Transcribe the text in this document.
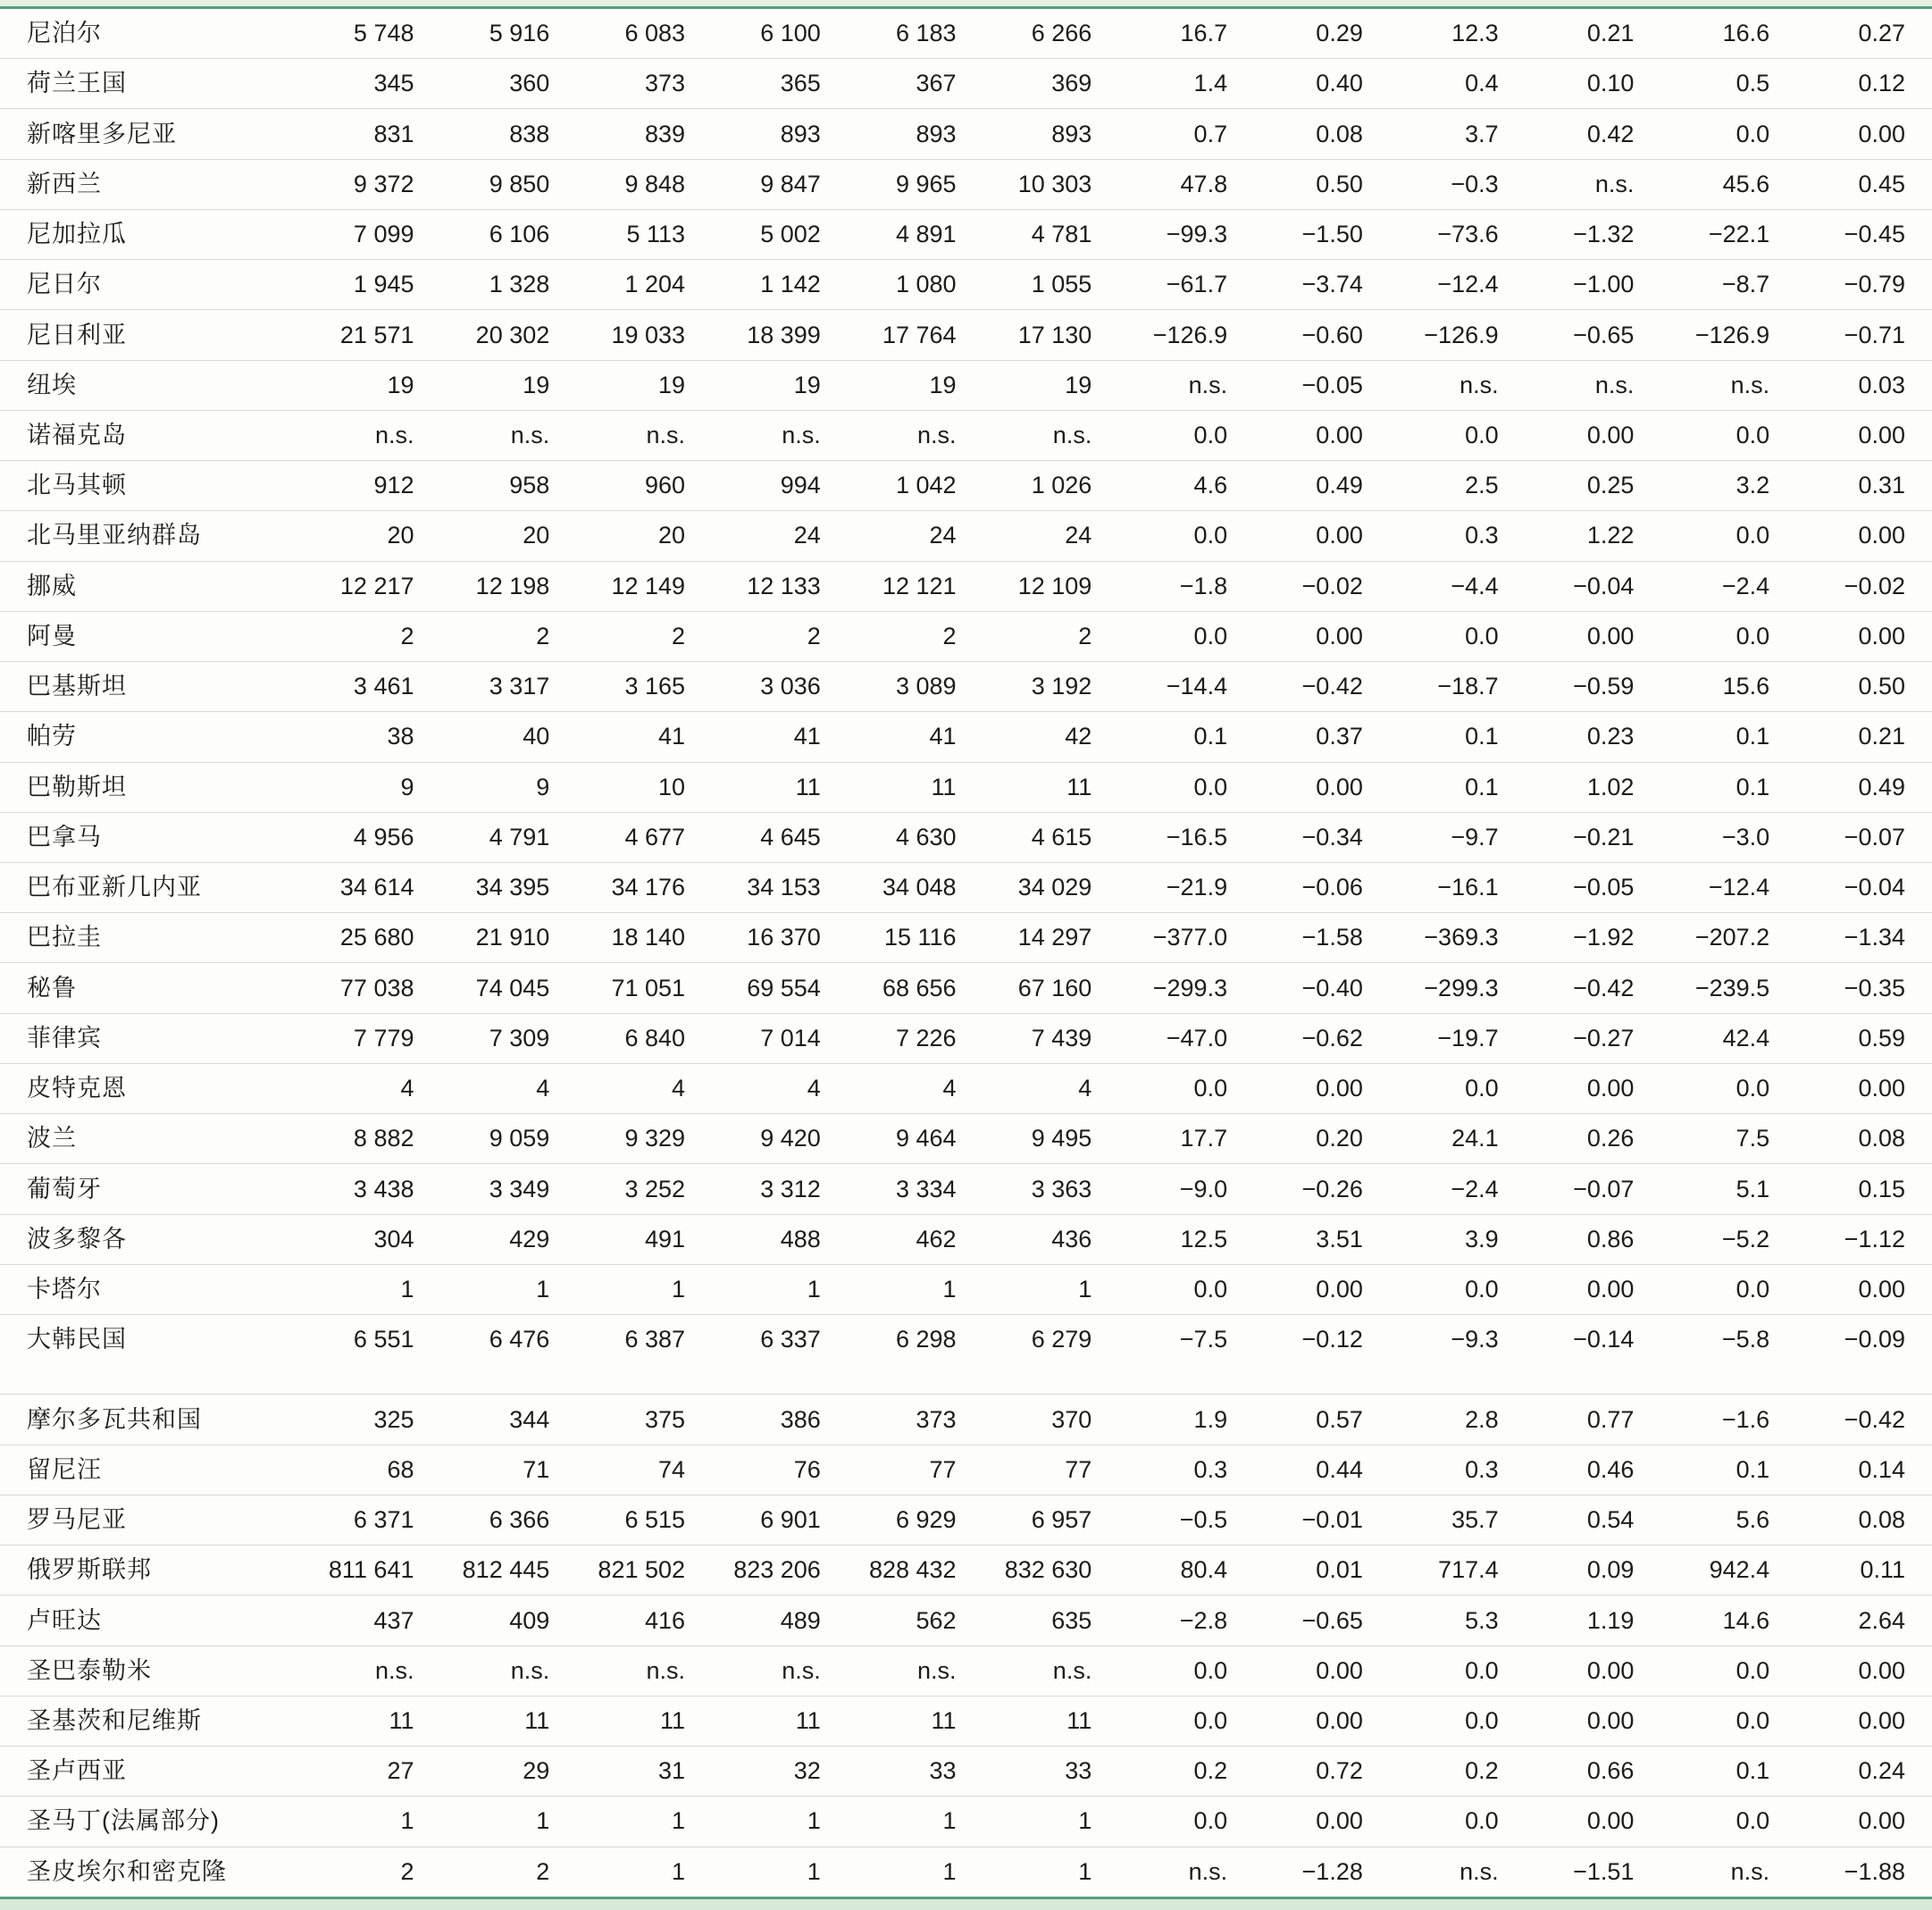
尼泊尔	5 748	5 916	6 083	6 100	6 183	6 266	16.7	0.29	12.3	0.21	16.6	0.27
荷兰王国	345	360	373	365	367	369	1.4	0.40	0.4	0.10	0.5	0.12
新喀里多尼亚	831	838	839	893	893	893	0.7	0.08	3.7	0.42	0.0	0.00
新西兰	9 372	9 850	9 848	9 847	9 965	10 303	47.8	0.50	−0.3	n.s.	45.6	0.45
尼加拉瓜	7 099	6 106	5 113	5 002	4 891	4 781	−99.3	−1.50	−73.6	−1.32	−22.1	−0.45
尼日尔	1 945	1 328	1 204	1 142	1 080	1 055	−61.7	−3.74	−12.4	−1.00	−8.7	−0.79
尼日利亚	21 571	20 302	19 033	18 399	17 764	17 130	−126.9	−0.60	−126.9	−0.65	−126.9	−0.71
纽埃	19	19	19	19	19	19	n.s.	−0.05	n.s.	n.s.	n.s.	0.03
诺福克岛	n.s.	n.s.	n.s.	n.s.	n.s.	n.s.	0.0	0.00	0.0	0.00	0.0	0.00
北马其顿	912	958	960	994	1 042	1 026	4.6	0.49	2.5	0.25	3.2	0.31
北马里亚纳群岛	20	20	20	24	24	24	0.0	0.00	0.3	1.22	0.0	0.00
挪威	12 217	12 198	12 149	12 133	12 121	12 109	−1.8	−0.02	−4.4	−0.04	−2.4	−0.02
阿曼	2	2	2	2	2	2	0.0	0.00	0.0	0.00	0.0	0.00
巴基斯坦	3 461	3 317	3 165	3 036	3 089	3 192	−14.4	−0.42	−18.7	−0.59	15.6	0.50
帕劳	38	40	41	41	41	42	0.1	0.37	0.1	0.23	0.1	0.21
巴勒斯坦	9	9	10	11	11	11	0.0	0.00	0.1	1.02	0.1	0.49
巴拿马	4 956	4 791	4 677	4 645	4 630	4 615	−16.5	−0.34	−9.7	−0.21	−3.0	−0.07
巴布亚新几内亚	34 614	34 395	34 176	34 153	34 048	34 029	−21.9	−0.06	−16.1	−0.05	−12.4	−0.04
巴拉圭	25 680	21 910	18 140	16 370	15 116	14 297	−377.0	−1.58	−369.3	−1.92	−207.2	−1.34
秘鲁	77 038	74 045	71 051	69 554	68 656	67 160	−299.3	−0.40	−299.3	−0.42	−239.5	−0.35
菲律宾	7 779	7 309	6 840	7 014	7 226	7 439	−47.0	−0.62	−19.7	−0.27	42.4	0.59
皮特克恩	4	4	4	4	4	4	0.0	0.00	0.0	0.00	0.0	0.00
波兰	8 882	9 059	9 329	9 420	9 464	9 495	17.7	0.20	24.1	0.26	7.5	0.08
葡萄牙	3 438	3 349	3 252	3 312	3 334	3 363	−9.0	−0.26	−2.4	−0.07	5.1	0.15
波多黎各	304	429	491	488	462	436	12.5	3.51	3.9	0.86	−5.2	−1.12
卡塔尔	1	1	1	1	1	1	0.0	0.00	0.0	0.00	0.0	0.00
大韩民国	6 551	6 476	6 387	6 337	6 298	6 279	−7.5	−0.12	−9.3	−0.14	−5.8	−0.09
摩尔多瓦共和国	325	344	375	386	373	370	1.9	0.57	2.8	0.77	−1.6	−0.42
留尼汪	68	71	74	76	77	77	0.3	0.44	0.3	0.46	0.1	0.14
罗马尼亚	6 371	6 366	6 515	6 901	6 929	6 957	−0.5	−0.01	35.7	0.54	5.6	0.08
俄罗斯联邦	811 641	812 445	821 502	823 206	828 432	832 630	80.4	0.01	717.4	0.09	942.4	0.11
卢旺达	437	409	416	489	562	635	−2.8	−0.65	5.3	1.19	14.6	2.64
圣巴泰勒米	n.s.	n.s.	n.s.	n.s.	n.s.	n.s.	0.0	0.00	0.0	0.00	0.0	0.00
圣基茨和尼维斯	11	11	11	11	11	11	0.0	0.00	0.0	0.00	0.0	0.00
圣卢西亚	27	29	31	32	33	33	0.2	0.72	0.2	0.66	0.1	0.24
圣马丁(法属部分)	1	1	1	1	1	1	0.0	0.00	0.0	0.00	0.0	0.00
圣皮埃尔和密克隆	2	2	1	1	1	1	n.s.	−1.28	n.s.	−1.51	n.s.	−1.88
